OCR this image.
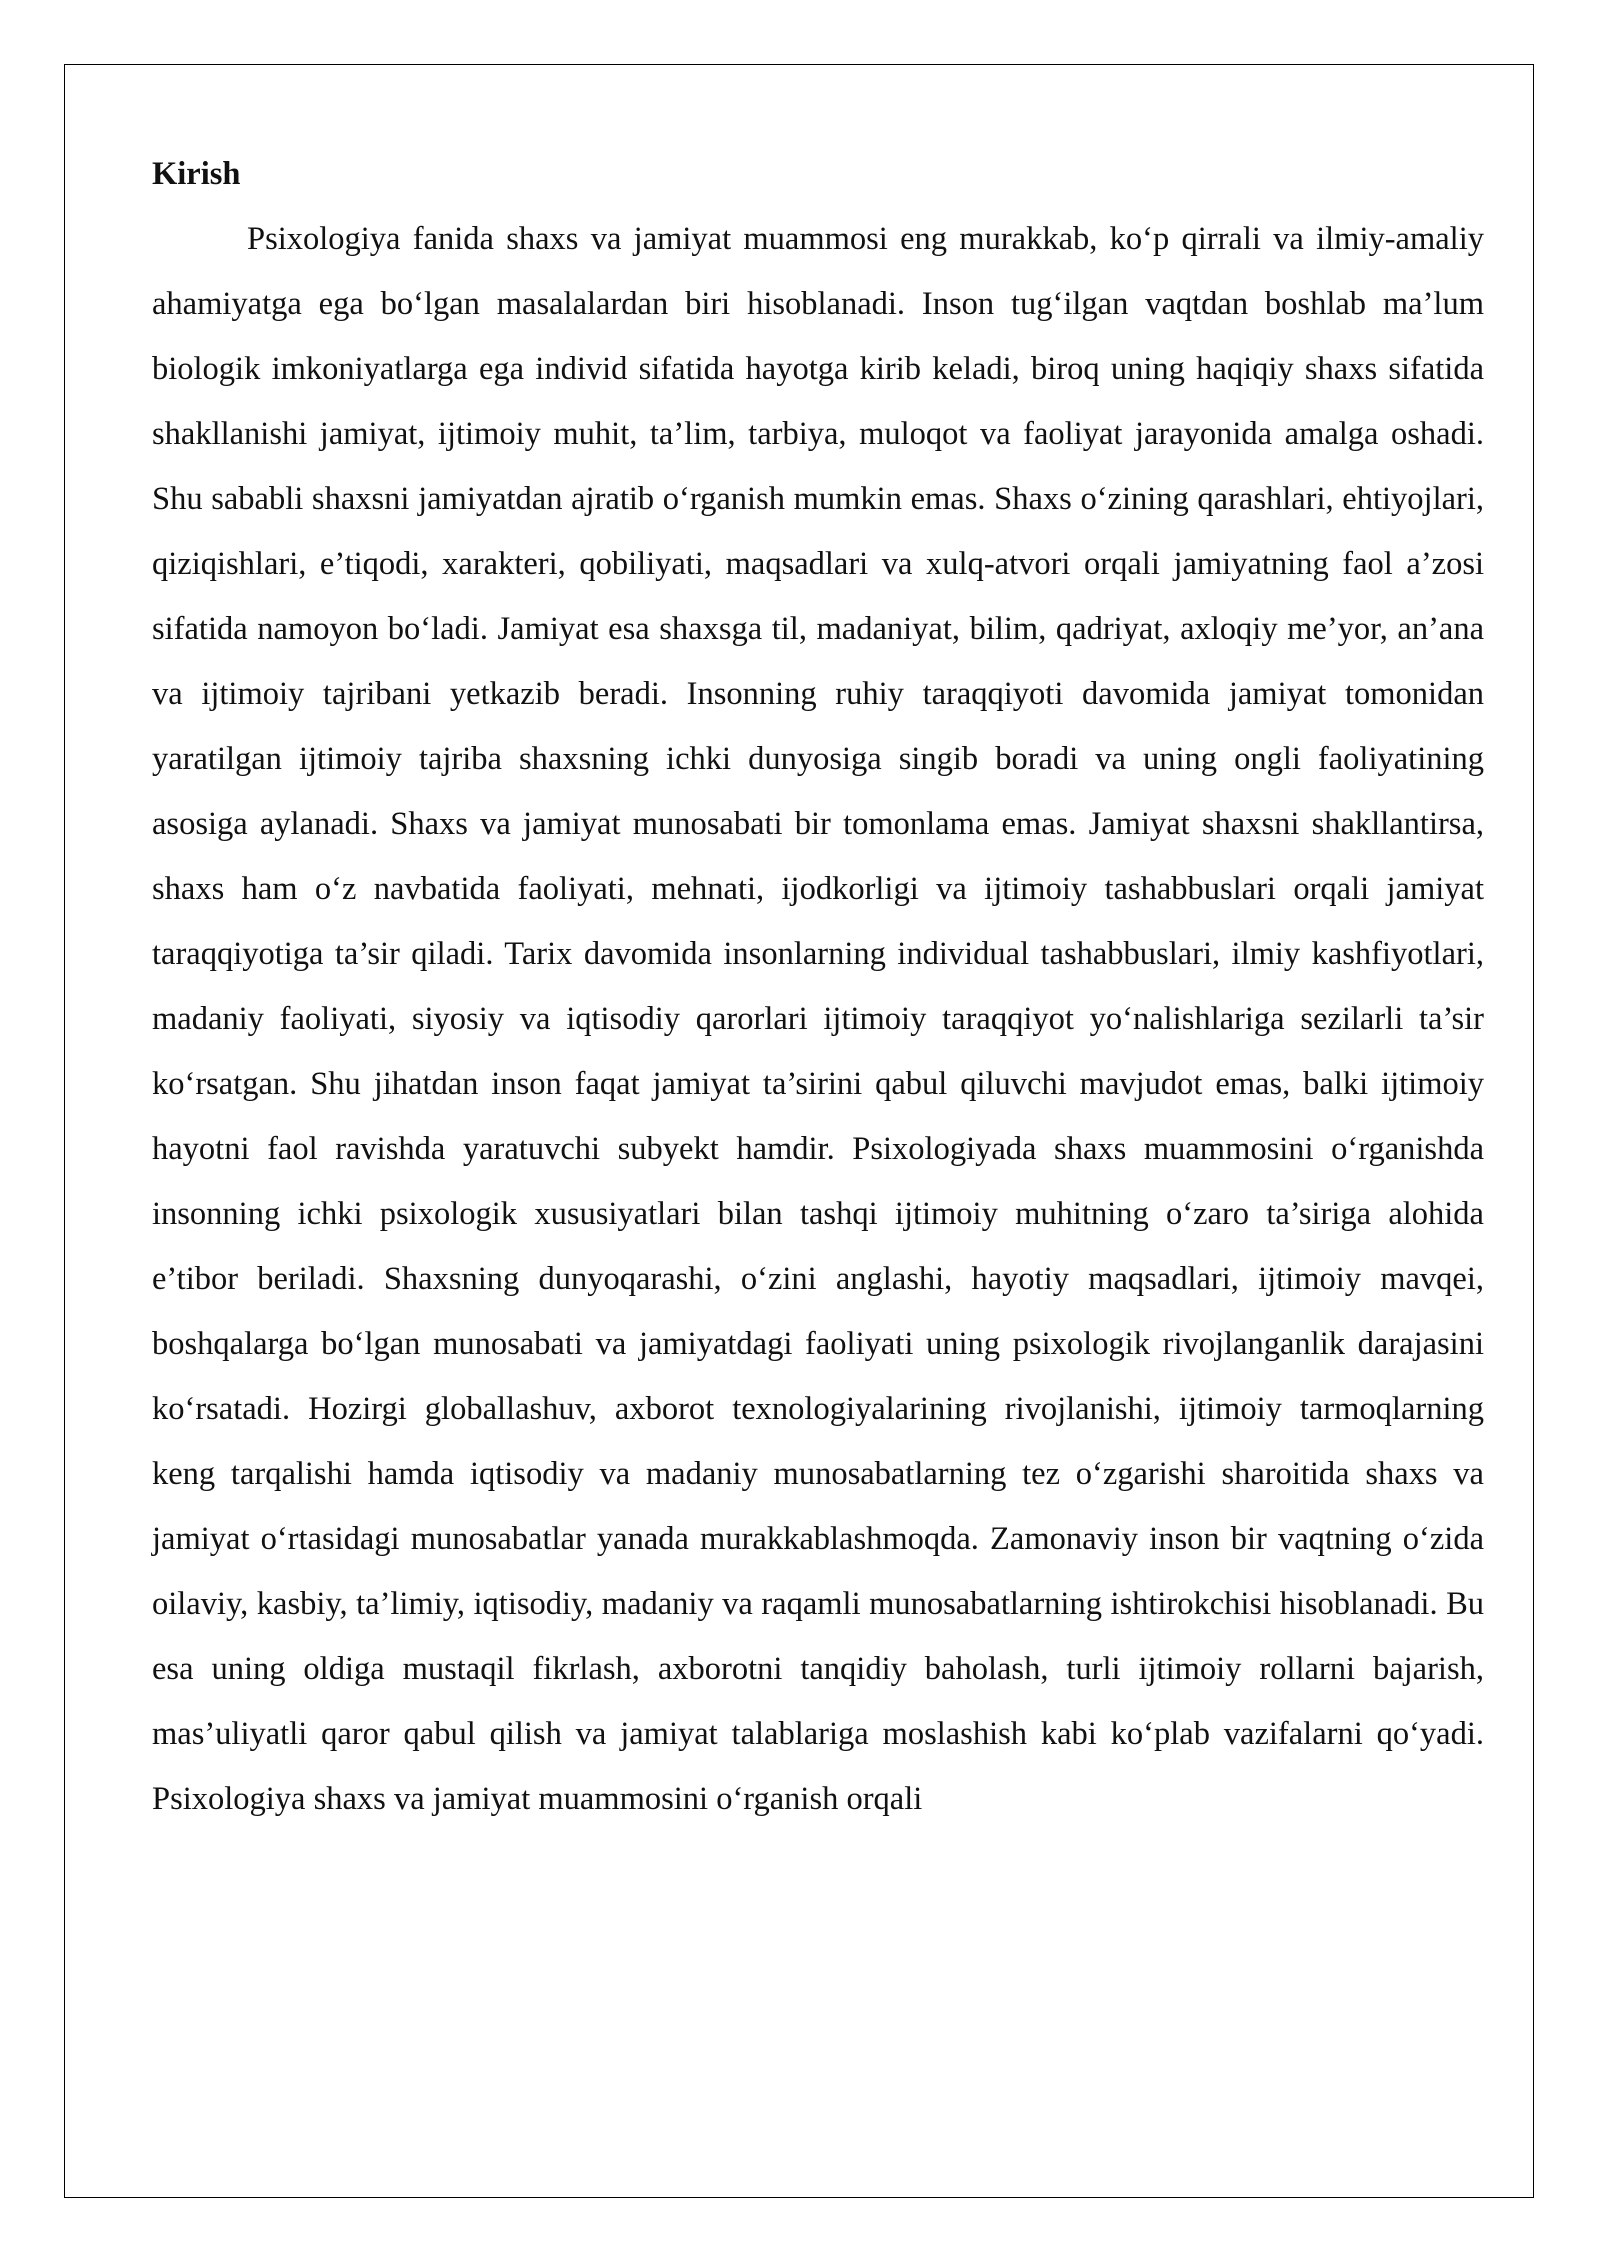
Kirish

Psixologiya fanida shaxs va jamiyat muammosi eng murakkab, ko‘p qirrali va ilmiy-amaliy ahamiyatga ega bo‘lgan masalalardan biri hisoblanadi. Inson tug‘ilgan vaqtdan boshlab ma’lum biologik imkoniyatlarga ega individ sifatida hayotga kirib keladi, biroq uning haqiqiy shaxs sifatida shakllanishi jamiyat, ijtimoiy muhit, ta’lim, tarbiya, muloqot va faoliyat jarayonida amalga oshadi. Shu sababli shaxsni jamiyatdan ajratib o‘rganish mumkin emas. Shaxs o‘zining qarashlari, ehtiyojlari, qiziqishlari, e’tiqodi, xarakteri, qobiliyati, maqsadlari va xulq-atvori orqali jamiyatning faol a’zosi sifatida namoyon bo‘ladi. Jamiyat esa shaxsga til, madaniyat, bilim, qadriyat, axloqiy me’yor, an’ana va ijtimoiy tajribani yetkazib beradi. Insonning ruhiy taraqqiyoti davomida jamiyat tomonidan yaratilgan ijtimoiy tajriba shaxsning ichki dunyosiga singib boradi va uning ongli faoliyatining asosiga aylanadi. Shaxs va jamiyat munosabati bir tomonlama emas. Jamiyat shaxsni shakllantirsa, shaxs ham o‘z navbatida faoliyati, mehnati, ijodkorligi va ijtimoiy tashabbuslari orqali jamiyat taraqqiyotiga ta’sir qiladi. Tarix davomida insonlarning individual tashabbuslari, ilmiy kashfiyotlari, madaniy faoliyati, siyosiy va iqtisodiy qarorlari ijtimoiy taraqqiyot yo‘nalishlariga sezilarli ta’sir ko‘rsatgan. Shu jihatdan inson faqat jamiyat ta’sirini qabul qiluvchi mavjudot emas, balki ijtimoiy hayotni faol ravishda yaratuvchi subyekt hamdir. Psixologiyada shaxs muammosini o‘rganishda insonning ichki psixologik xususiyatlari bilan tashqi ijtimoiy muhitning o‘zaro ta’siriga alohida e’tibor beriladi. Shaxsning dunyoqarashi, o‘zini anglashi, hayotiy maqsadlari, ijtimoiy mavqei, boshqalarga bo‘lgan munosabati va jamiyatdagi faoliyati uning psixologik rivojlanganlik darajasini ko‘rsatadi. Hozirgi globallashuv, axborot texnologiyalarining rivojlanishi, ijtimoiy tarmoqlarning keng tarqalishi hamda iqtisodiy va madaniy munosabatlarning tez o‘zgarishi sharoitida shaxs va jamiyat o‘rtasidagi munosabatlar yanada murakkablashmoqda. Zamonaviy inson bir vaqtning o‘zida oilaviy, kasbiy, ta’limiy, iqtisodiy, madaniy va raqamli munosabatlarning ishtirokchisi hisoblanadi. Bu esa uning oldiga mustaqil fikrlash, axborotni tanqidiy baholash, turli ijtimoiy rollarni bajarish, mas’uliyatli qaror qabul qilish va jamiyat talablariga moslashish kabi ko‘plab vazifalarni qo‘yadi. Psixologiya shaxs va jamiyat muammosini o‘rganish orqali
